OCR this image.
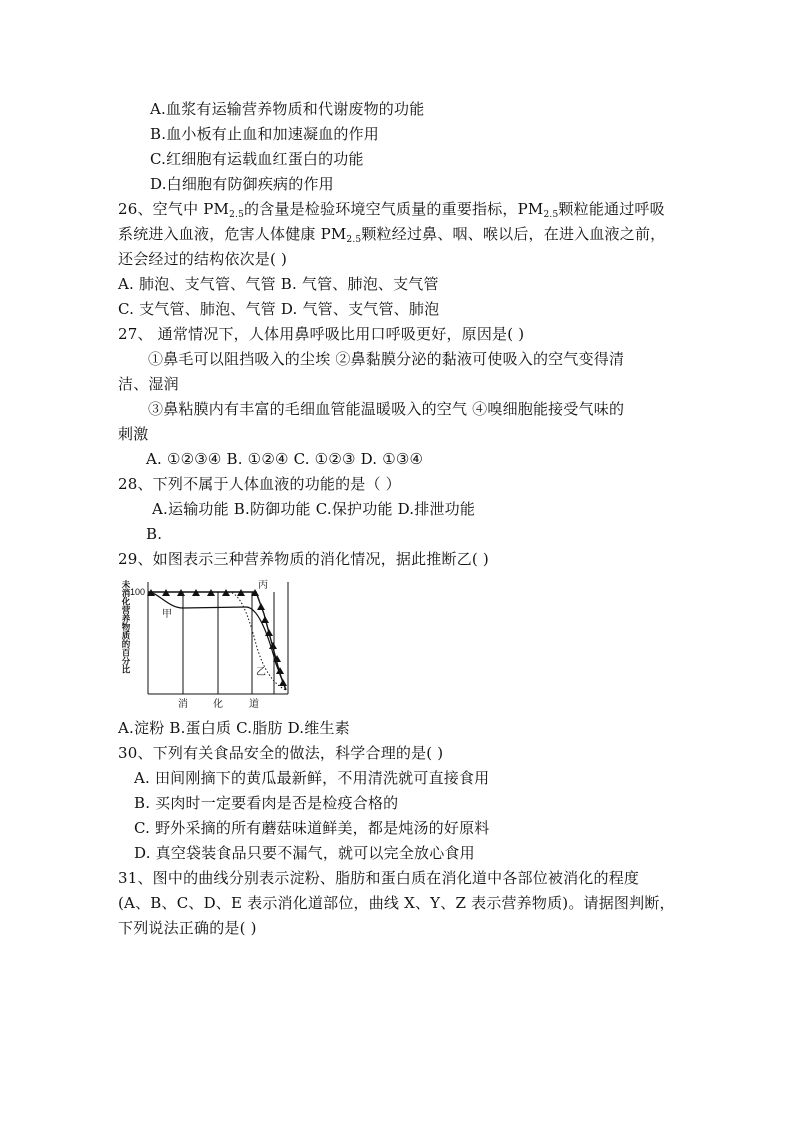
A.血浆有运输营养物质和代谢废物的功能
B.血小板有止血和加速凝血的作用
C.红细胞有运载血红蛋白的功能
D.白细胞有防御疾病的作用
26、空气中 $PM_{2.5}$的含量是检验环境空气质量的重要指标，$PM_{2.5}$颗粒能通过呼吸
系统进入血液，危害人体健康 $PM_{2.5}$颗粒经过鼻、咽、喉以后，在进入血液之前，
还会经过的结构依次是( )
A. 肺泡、支气管、气管 B. 气管、肺泡、支气管
C. 支气管、肺泡、气管 D. 气管、支气管、肺泡
27、 通常情况下，人体用鼻呼吸比用口呼吸更好，原因是( )
①鼻毛可以阻挡吸入的尘埃 ②鼻黏膜分泌的黏液可使吸入的空气变得清
洁、湿润
③鼻粘膜内有丰富的毛细血管能温暖吸入的空气 ④嗅细胞能接受气味的
刺激
A. ①②③④ B. ①②④ C. ①②③ D. ①③④
28、下列不属于人体血液的功能的是（ ）
A.运输功能 B.防御功能 C.保护功能 D.排泄功能
B.
29、如图表示三种营养物质的消化情况，据此推断乙( )
未消化营养物质的百分比 100
甲
乙
丙
消	化	道
A.淀粉 B.蛋白质 C.脂肪 D.维生素
30、下列有关食品安全的做法，科学合理的是( )
A. 田间刚摘下的黄瓜最新鲜，不用清洗就可直接食用
B. 买肉时一定要看肉是否是检疫合格的
C. 野外采摘的所有蘑菇味道鲜美，都是炖汤的好原料
D. 真空袋装食品只要不漏气，就可以完全放心食用
31、图中的曲线分别表示淀粉、脂肪和蛋白质在消化道中各部位被消化的程度
(A、B、C、D、E 表示消化道部位，曲线 X、Y、Z 表示营养物质)。请据图判断，
下列说法正确的是( )
